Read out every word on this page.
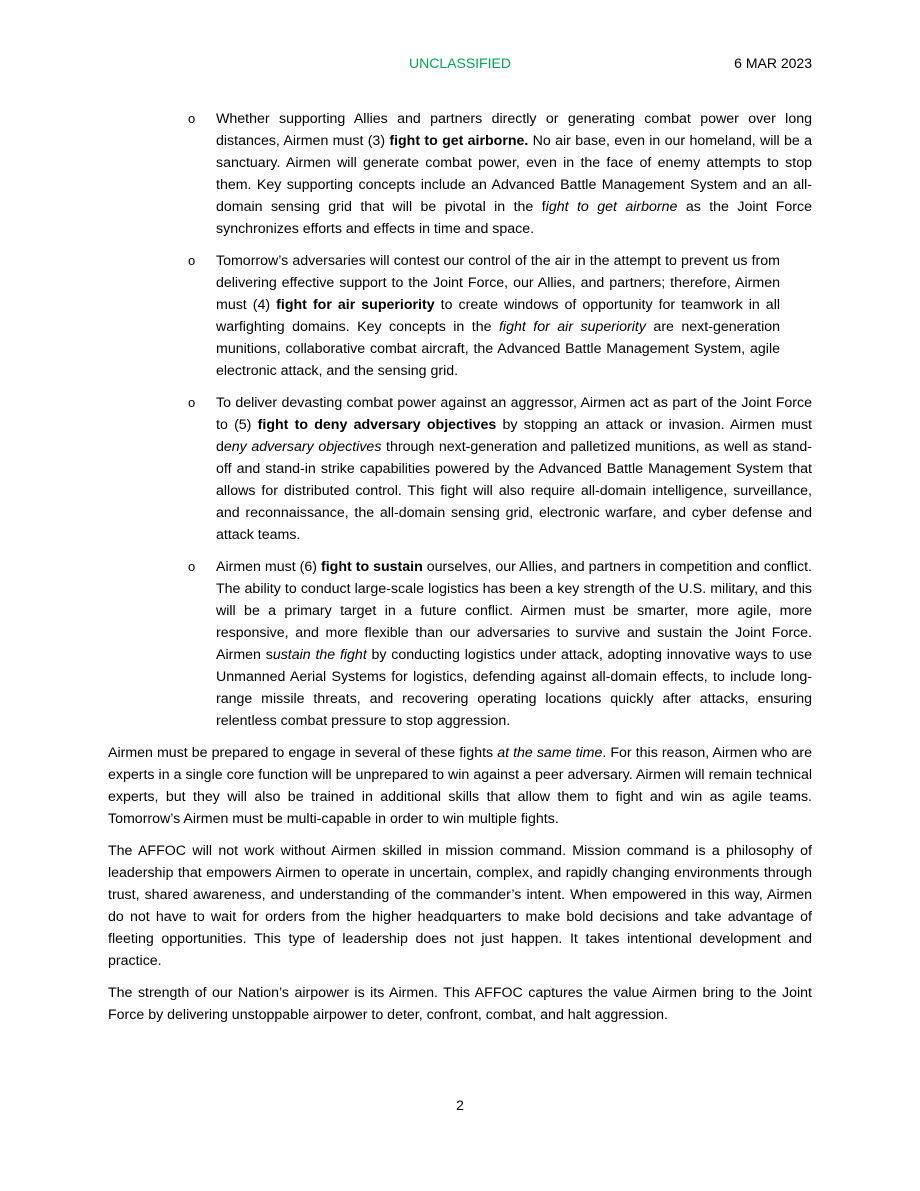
UNCLASSIFIED	6 MAR 2023
o Whether supporting Allies and partners directly or generating combat power over long distances, Airmen must (3) fight to get airborne. No air base, even in our homeland, will be a sanctuary. Airmen will generate combat power, even in the face of enemy attempts to stop them. Key supporting concepts include an Advanced Battle Management System and an all-domain sensing grid that will be pivotal in the fight to get airborne as the Joint Force synchronizes efforts and effects in time and space.
o Tomorrow’s adversaries will contest our control of the air in the attempt to prevent us from delivering effective support to the Joint Force, our Allies, and partners; therefore, Airmen must (4) fight for air superiority to create windows of opportunity for teamwork in all warfighting domains. Key concepts in the fight for air superiority are next-generation munitions, collaborative combat aircraft, the Advanced Battle Management System, agile electronic attack, and the sensing grid.
o To deliver devasting combat power against an aggressor, Airmen act as part of the Joint Force to (5) fight to deny adversary objectives by stopping an attack or invasion. Airmen must deny adversary objectives through next-generation and palletized munitions, as well as stand-off and stand-in strike capabilities powered by the Advanced Battle Management System that allows for distributed control. This fight will also require all-domain intelligence, surveillance, and reconnaissance, the all-domain sensing grid, electronic warfare, and cyber defense and attack teams.
o Airmen must (6) fight to sustain ourselves, our Allies, and partners in competition and conflict. The ability to conduct large-scale logistics has been a key strength of the U.S. military, and this will be a primary target in a future conflict. Airmen must be smarter, more agile, more responsive, and more flexible than our adversaries to survive and sustain the Joint Force. Airmen sustain the fight by conducting logistics under attack, adopting innovative ways to use Unmanned Aerial Systems for logistics, defending against all-domain effects, to include long-range missile threats, and recovering operating locations quickly after attacks, ensuring relentless combat pressure to stop aggression.

Airmen must be prepared to engage in several of these fights at the same time. For this reason, Airmen who are experts in a single core function will be unprepared to win against a peer adversary. Airmen will remain technical experts, but they will also be trained in additional skills that allow them to fight and win as agile teams. Tomorrow’s Airmen must be multi-capable in order to win multiple fights.

The AFFOC will not work without Airmen skilled in mission command. Mission command is a philosophy of leadership that empowers Airmen to operate in uncertain, complex, and rapidly changing environments through trust, shared awareness, and understanding of the commander’s intent. When empowered in this way, Airmen do not have to wait for orders from the higher headquarters to make bold decisions and take advantage of fleeting opportunities. This type of leadership does not just happen. It takes intentional development and practice.

The strength of our Nation’s airpower is its Airmen. This AFFOC captures the value Airmen bring to the Joint Force by delivering unstoppable airpower to deter, confront, combat, and halt aggression.

2
